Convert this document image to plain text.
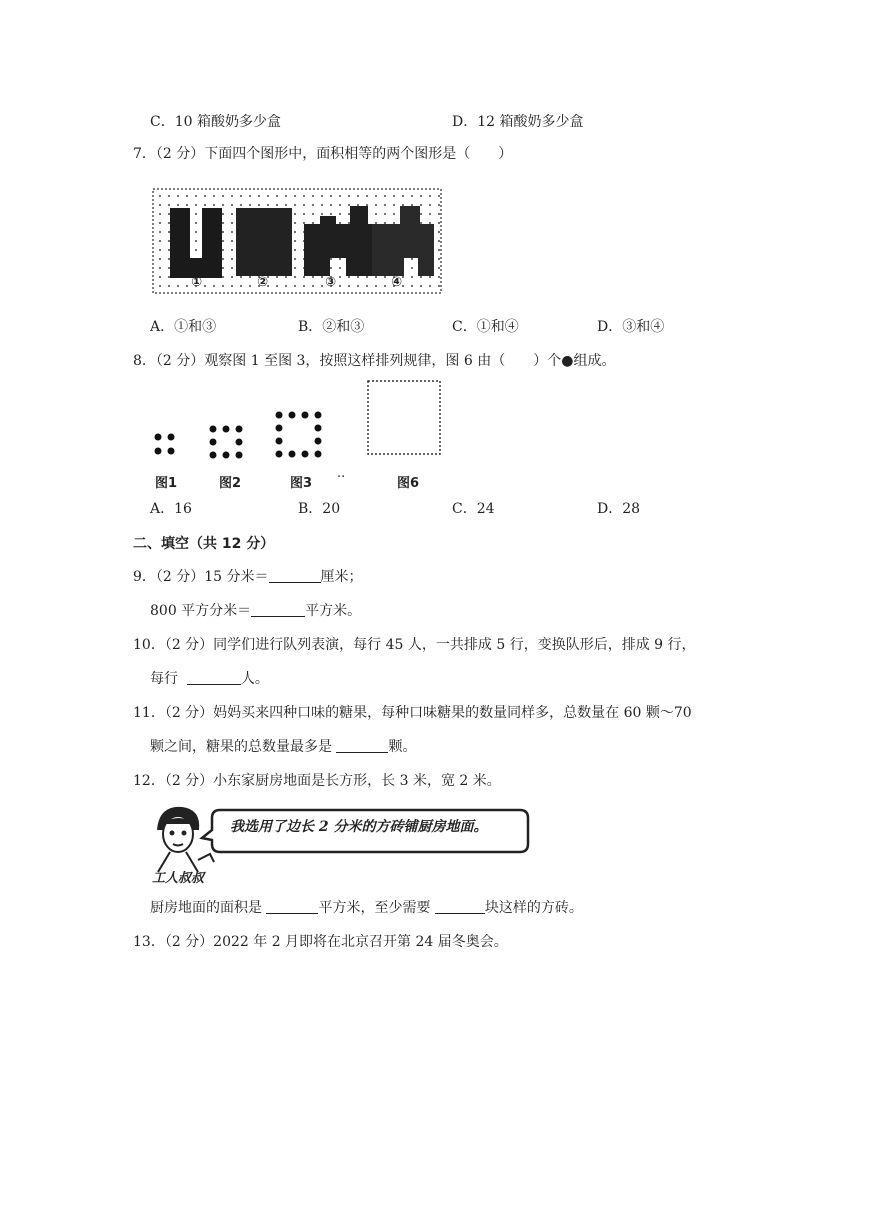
C．10 箱酸奶多少盒	D．12 箱酸奶多少盒
7．（2 分）下面四个图形中，面积相等的两个图形是（　　）
①	②	③	④
A．①和③	B．②和③	C．①和④	D．③和④
8．（2 分）观察图 1 至图 3，按照这样排列规律，图 6 由（　　）个●组成。
图1	图2	图3 ··	图6
A．16	B．20	C．24	D．28
二、填空（共 12 分）
9．（2 分）15 分米＝	厘米；
800 平方分米＝	平方米。
10．（2 分）同学们进行队列表演，每行 45 人，一共排成 5 行，变换队形后，排成 9 行，
每行	人。
11．（2 分）妈妈买来四种口味的糖果，每种口味糖果的数量同样多，总数量在 60 颗～70
颗之间，糖果的总数量最多是	颗。
12．（2 分）小东家厨房地面是长方形，长 3 米，宽 2 米。
我选用了边长 2 分米的方砖铺厨房地面。
工人叔叔
厨房地面的面积是	平方米，至少需要	块这样的方砖。
13．（2 分）2022 年 2 月即将在北京召开第 24 届冬奥会。
